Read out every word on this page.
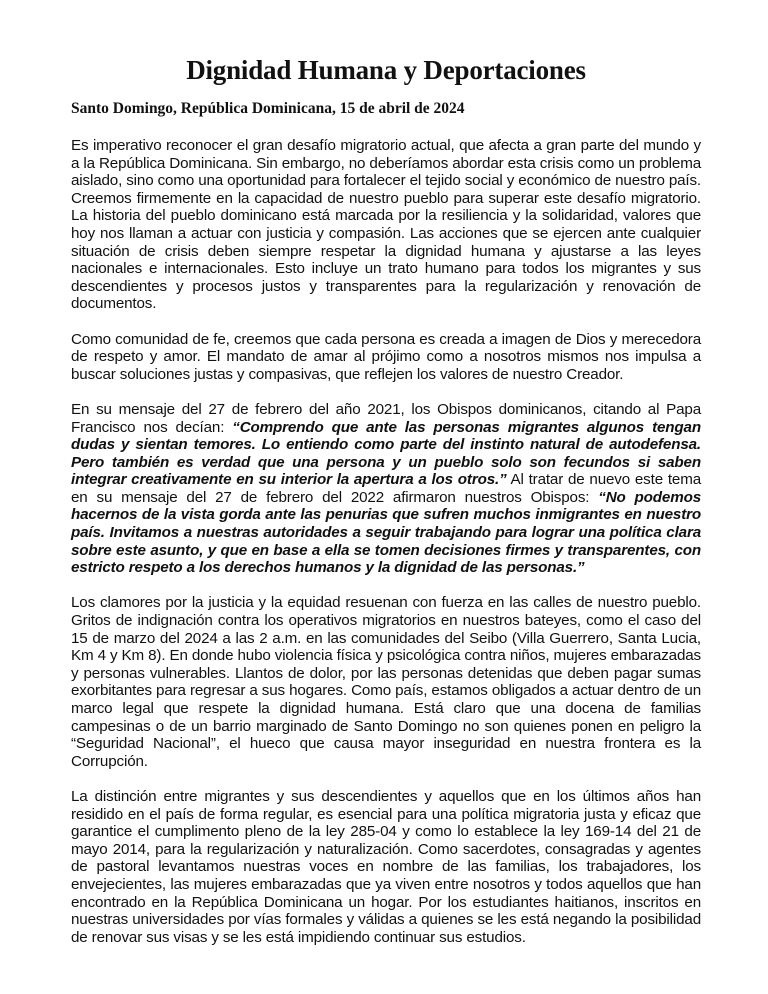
Dignidad Humana y Deportaciones

Santo Domingo, República Dominicana, 15 de abril de 2024

Es imperativo reconocer el gran desafío migratorio actual, que afecta a gran parte del mundo y a la República Dominicana. Sin embargo, no deberíamos abordar esta crisis como un problema aislado, sino como una oportunidad para fortalecer el tejido social y económico de nuestro país. Creemos firmemente en la capacidad de nuestro pueblo para superar este desafío migratorio. La historia del pueblo dominicano está marcada por la resiliencia y la solidaridad, valores que hoy nos llaman a actuar con justicia y compasión. Las acciones que se ejercen ante cualquier situación de crisis deben siempre respetar la dignidad humana y ajustarse a las leyes nacionales e internacionales. Esto incluye un trato humano para todos los migrantes y sus descendientes y procesos justos y transparentes para la regularización y renovación de documentos.

Como comunidad de fe, creemos que cada persona es creada a imagen de Dios y merecedora de respeto y amor. El mandato de amar al prójimo como a nosotros mismos nos impulsa a buscar soluciones justas y compasivas, que reflejen los valores de nuestro Creador.

En su mensaje del 27 de febrero del año 2021, los Obispos dominicanos, citando al Papa Francisco nos decían: “Comprendo que ante las personas migrantes algunos tengan dudas y sientan temores. Lo entiendo como parte del instinto natural de autodefensa. Pero también es verdad que una persona y un pueblo solo son fecundos si saben integrar creativamente en su interior la apertura a los otros.” Al tratar de nuevo este tema en su mensaje del 27 de febrero del 2022 afirmaron nuestros Obispos: “No podemos hacernos de la vista gorda ante las penurias que sufren muchos inmigrantes en nuestro país. Invitamos a nuestras autoridades a seguir trabajando para lograr una política clara sobre este asunto, y que en base a ella se tomen decisiones firmes y transparentes, con estricto respeto a los derechos humanos y la dignidad de las personas.”

Los clamores por la justicia y la equidad resuenan con fuerza en las calles de nuestro pueblo. Gritos de indignación contra los operativos migratorios en nuestros bateyes, como el caso del 15 de marzo del 2024 a las 2 a.m. en las comunidades del Seibo (Villa Guerrero, Santa Lucia, Km 4 y Km 8). En donde hubo violencia física y psicológica contra niños, mujeres embarazadas y personas vulnerables. Llantos de dolor, por las personas detenidas que deben pagar sumas exorbitantes para regresar a sus hogares. Como país, estamos obligados a actuar dentro de un marco legal que respete la dignidad humana. Está claro que una docena de familias campesinas o de un barrio marginado de Santo Domingo no son quienes ponen en peligro la “Seguridad Nacional”, el hueco que causa mayor inseguridad en nuestra frontera es la Corrupción.

La distinción entre migrantes y sus descendientes y aquellos que en los últimos años han residido en el país de forma regular, es esencial para una política migratoria justa y eficaz que garantice el cumplimento pleno de la ley 285-04 y como lo establece la ley 169-14 del 21 de mayo 2014, para la regularización y naturalización. Como sacerdotes, consagradas y agentes de pastoral levantamos nuestras voces en nombre de las familias, los trabajadores, los envejecientes, las mujeres embarazadas que ya viven entre nosotros y todos aquellos que han encontrado en la República Dominicana un hogar. Por los estudiantes haitianos, inscritos en nuestras universidades por vías formales y válidas a quienes se les está negando la posibilidad de renovar sus visas y se les está impidiendo continuar sus estudios.
